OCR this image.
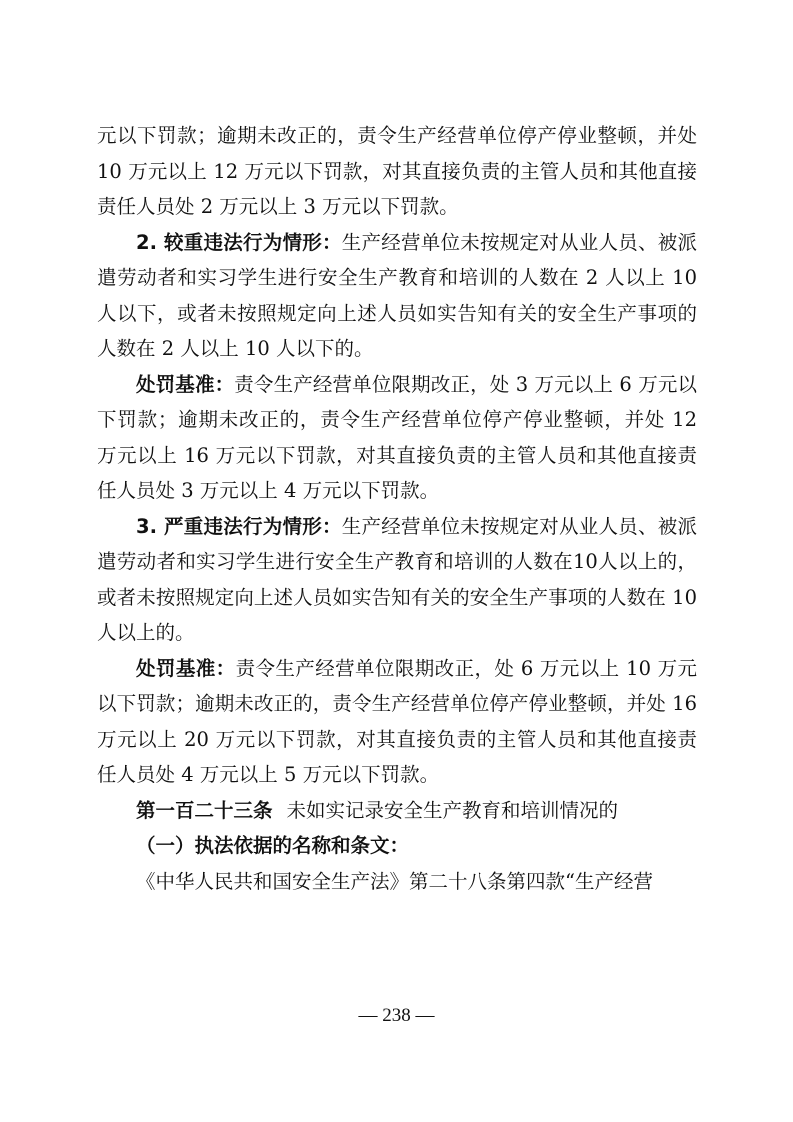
元以下罚款；逾期未改正的，责令生产经营单位停产停业整顿，并处 10 万元以上 12 万元以下罚款，对其直接负责的主管人员和其他直接责任人员处 2 万元以上 3 万元以下罚款。

2. 较重违法行为情形：生产经营单位未按规定对从业人员、被派遣劳动者和实习学生进行安全生产教育和培训的人数在 2 人以上 10 人以下，或者未按照规定向上述人员如实告知有关的安全生产事项的人数在 2 人以上 10 人以下的。

处罚基准：责令生产经营单位限期改正，处 3 万元以上 6 万元以下罚款；逾期未改正的，责令生产经营单位停产停业整顿，并处 12 万元以上 16 万元以下罚款，对其直接负责的主管人员和其他直接责任人员处 3 万元以上 4 万元以下罚款。

3. 严重违法行为情形：生产经营单位未按规定对从业人员、被派遣劳动者和实习学生进行安全生产教育和培训的人数在10人以上的，或者未按照规定向上述人员如实告知有关的安全生产事项的人数在 10 人以上的。

处罚基准：责令生产经营单位限期改正，处 6 万元以上 10 万元以下罚款；逾期未改正的，责令生产经营单位停产停业整顿，并处 16 万元以上 20 万元以下罚款，对其直接负责的主管人员和其他直接责任人员处 4 万元以上 5 万元以下罚款。

第一百二十三条 未如实记录安全生产教育和培训情况的

（一）执法依据的名称和条文：

《中华人民共和国安全生产法》第二十八条第四款“生产经营

— 238 —
